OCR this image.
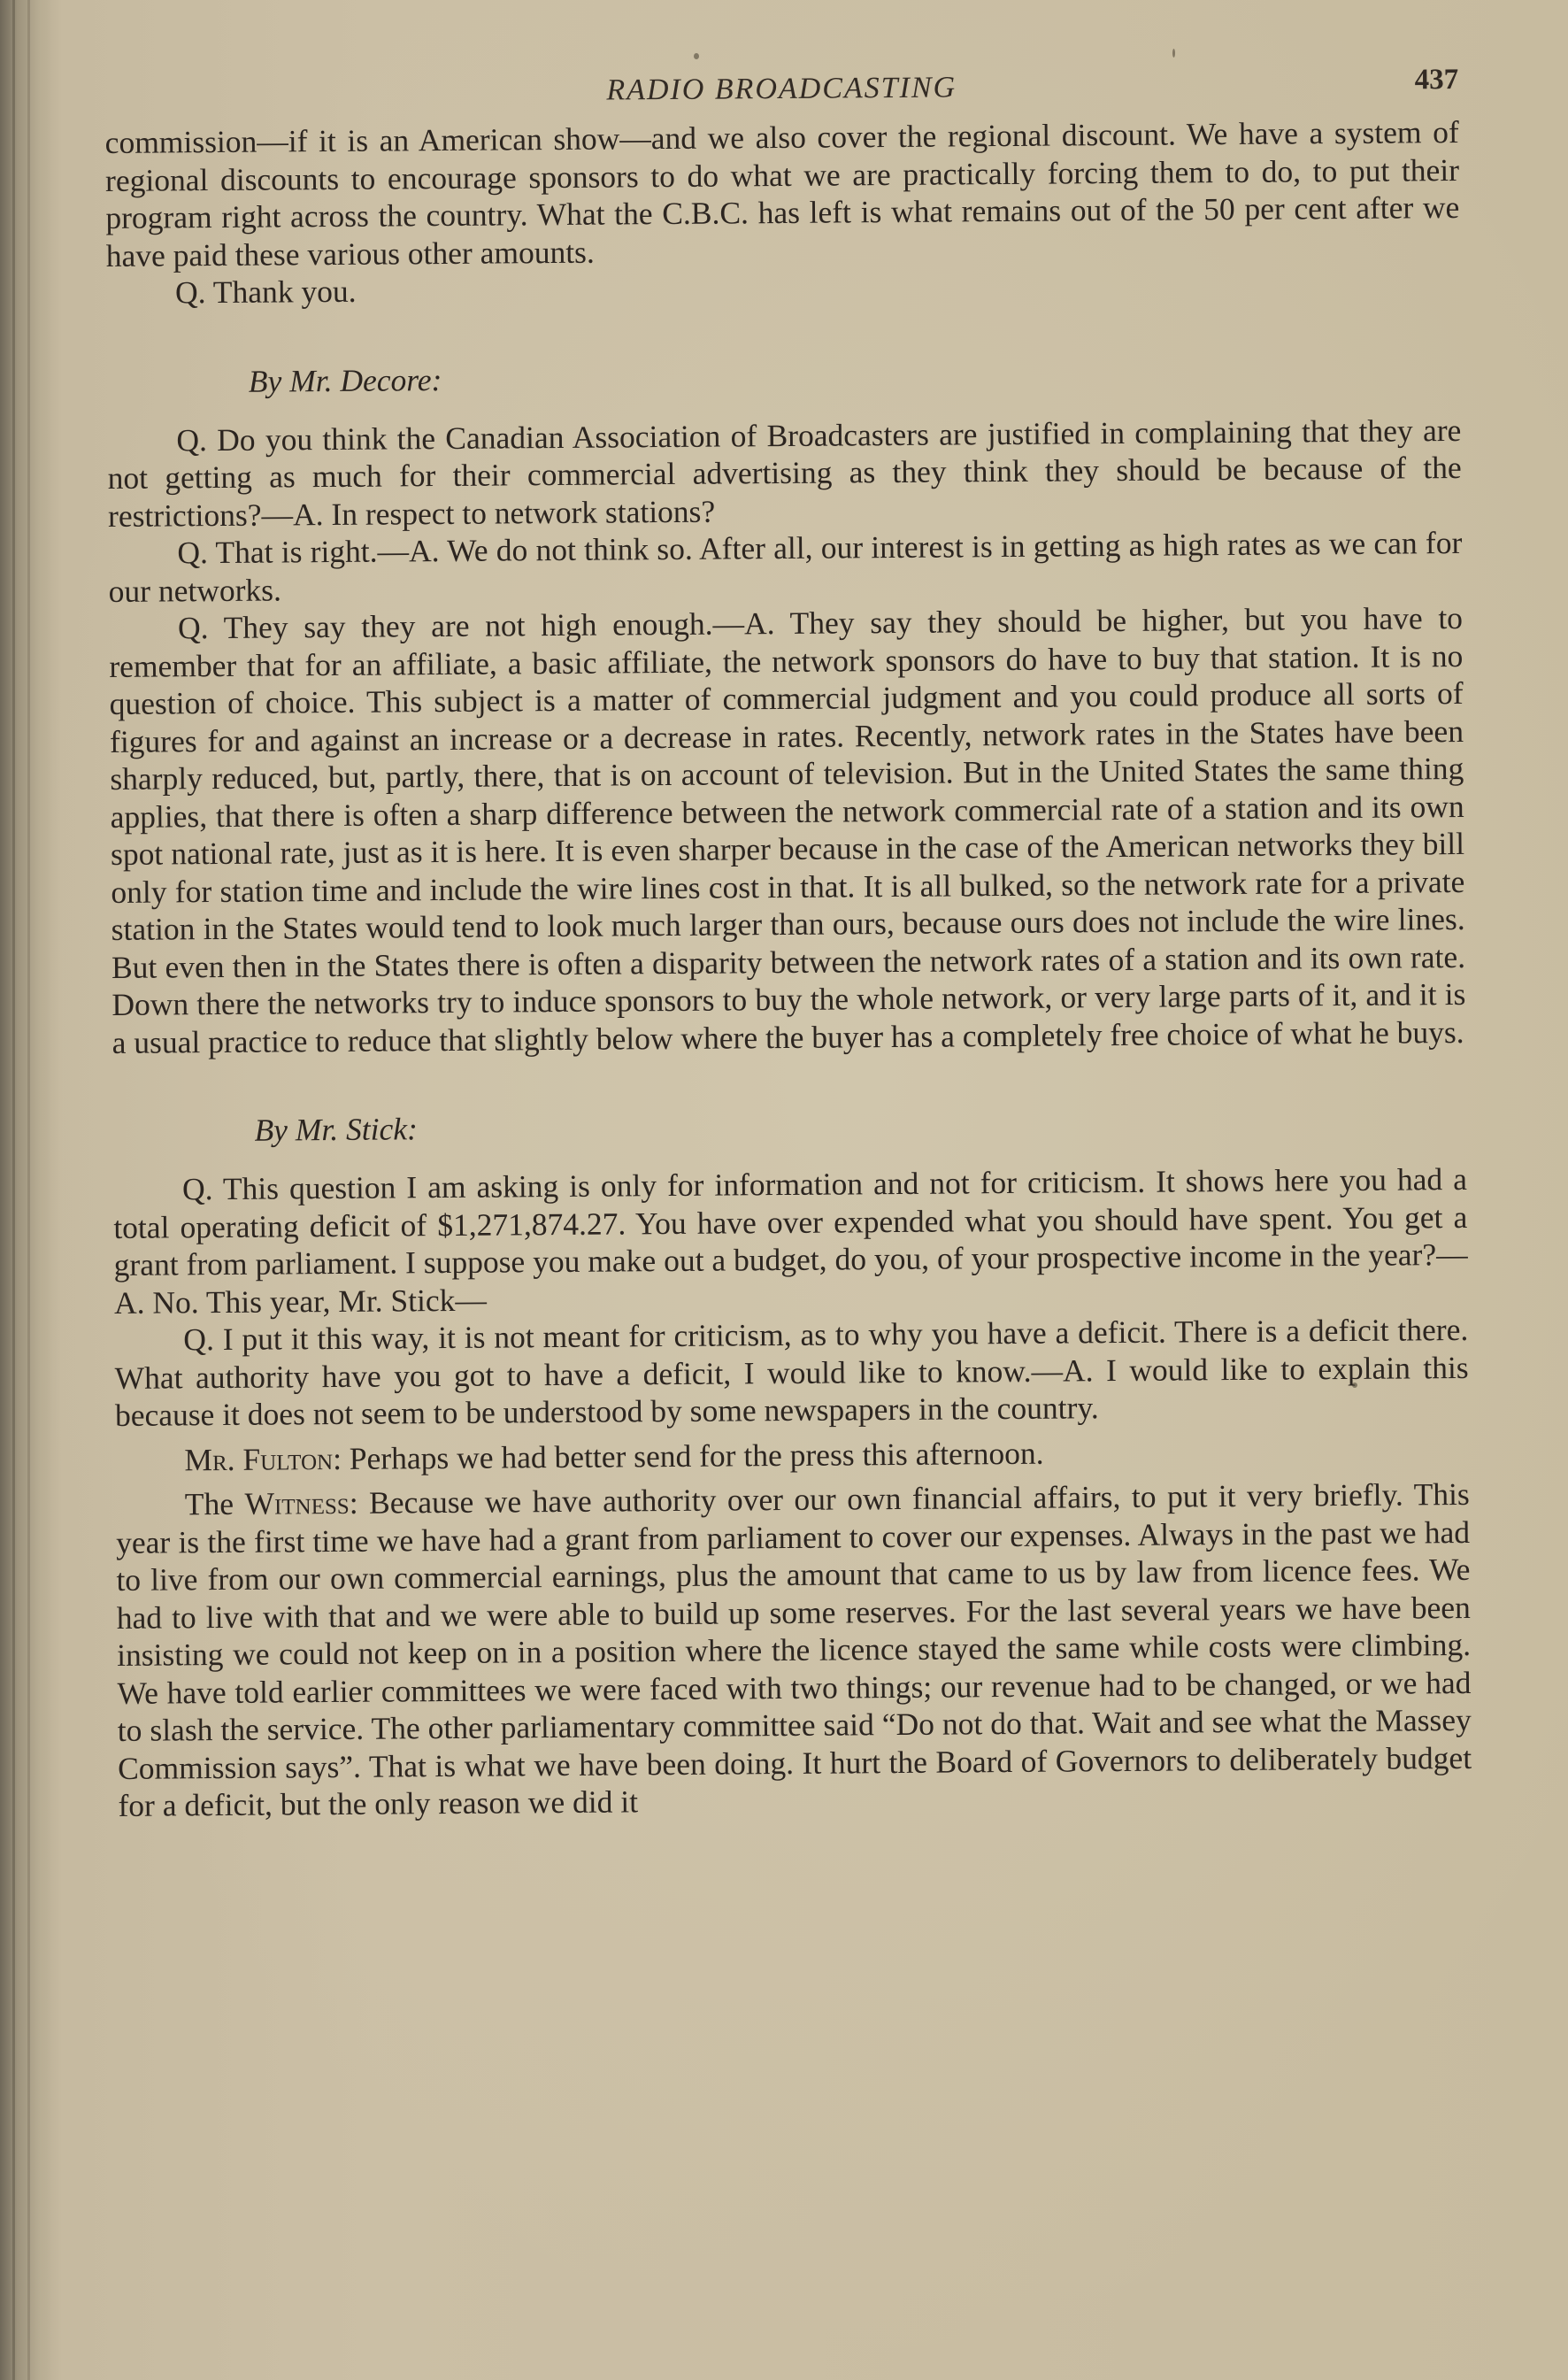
RADIO BROADCASTING	437

commission—if it is an American show—and we also cover the regional discount. We have a system of regional discounts to encourage sponsors to do what we are practically forcing them to do, to put their program right across the country. What the C.B.C. has left is what remains out of the 50 per cent after we have paid these various other amounts.

Q. Thank you.

By Mr. Decore:

Q. Do you think the Canadian Association of Broadcasters are justified in complaining that they are not getting as much for their commercial advertising as they think they should be because of the restrictions?—A. In respect to network stations?

Q. That is right.—A. We do not think so. After all, our interest is in getting as high rates as we can for our networks.

Q. They say they are not high enough.—A. They say they should be higher, but you have to remember that for an affiliate, a basic affiliate, the network sponsors do have to buy that station. It is no question of choice. This subject is a matter of commercial judgment and you could produce all sorts of figures for and against an increase or a decrease in rates. Recently, network rates in the States have been sharply reduced, but, partly, there, that is on account of television. But in the United States the same thing applies, that there is often a sharp difference between the network commercial rate of a station and its own spot national rate, just as it is here. It is even sharper because in the case of the American networks they bill only for station time and include the wire lines cost in that. It is all bulked, so the network rate for a private station in the States would tend to look much larger than ours, because ours does not include the wire lines. But even then in the States there is often a disparity between the network rates of a station and its own rate. Down there the networks try to induce sponsors to buy the whole network, or very large parts of it, and it is a usual practice to reduce that slightly below where the buyer has a completely free choice of what he buys.

By Mr. Stick:

Q. This question I am asking is only for information and not for criticism. It shows here you had a total operating deficit of $1,271,874.27. You have over expended what you should have spent. You get a grant from parliament. I suppose you make out a budget, do you, of your prospective income in the year?—A. No. This year, Mr. Stick—

Q. I put it this way, it is not meant for criticism, as to why you have a deficit. There is a deficit there. What authority have you got to have a deficit, I would like to know.—A. I would like to explain this because it does not seem to be understood by some newspapers in the country.

Mr. Fulton: Perhaps we had better send for the press this afternoon.

The Witness: Because we have authority over our own financial affairs, to put it very briefly. This year is the first time we have had a grant from parliament to cover our expenses. Always in the past we had to live from our own commercial earnings, plus the amount that came to us by law from licence fees. We had to live with that and we were able to build up some reserves. For the last several years we have been insisting we could not keep on in a position where the licence stayed the same while costs were climbing. We have told earlier committees we were faced with two things; our revenue had to be changed, or we had to slash the service. The other parliamentary committee said “Do not do that. Wait and see what the Massey Commission says”. That is what we have been doing. It hurt the Board of Governors to deliberately budget for a deficit, but the only reason we did it
